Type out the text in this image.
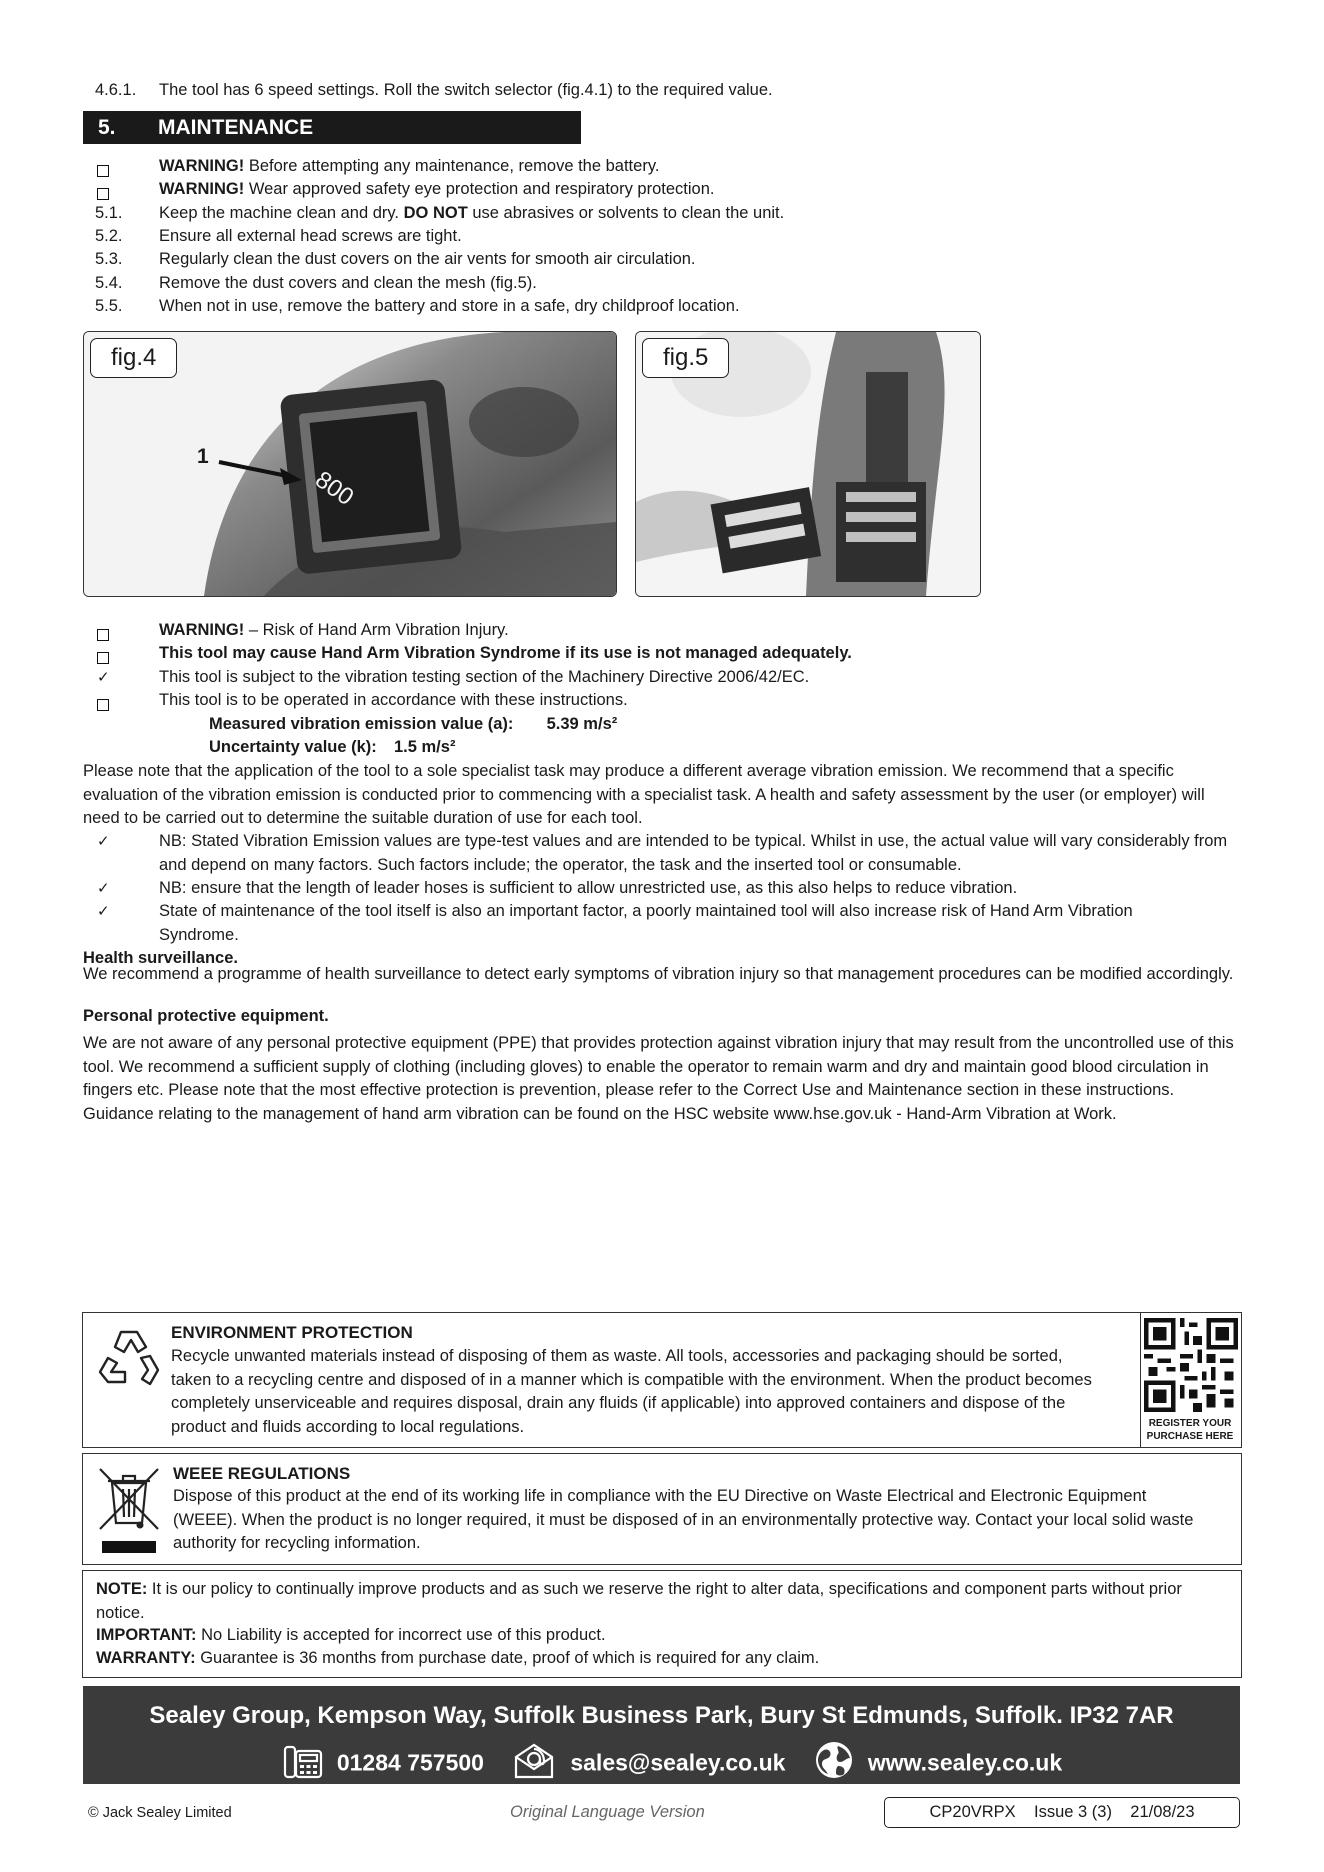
4.6.1. The tool has 6 speed settings. Roll the switch selector (fig.4.1) to the required value.
5. MAINTENANCE
WARNING! Before attempting any maintenance, remove the battery.
WARNING! Wear approved safety eye protection and respiratory protection.
5.1. Keep the machine clean and dry. DO NOT use abrasives or solvents to clean the unit.
5.2. Ensure all external head screws are tight.
5.3. Regularly clean the dust covers on the air vents for smooth air circulation.
5.4. Remove the dust covers and clean the mesh (fig.5).
5.5. When not in use, remove the battery and store in a safe, dry childproof location.
fig.4
1
800
fig.5
WARNING! – Risk of Hand Arm Vibration Injury.
This tool may cause Hand Arm Vibration Syndrome if its use is not managed adequately.
✓	This tool is subject to the vibration testing section of the Machinery Directive 2006/42/EC.
This tool is to be operated in accordance with these instructions.
Measured vibration emission value (a): 5.39 m/s²
Uncertainty value (k): 1.5 m/s²
Please note that the application of the tool to a sole specialist task may produce a different average vibration emission. We recommend that a specific evaluation of the vibration emission is conducted prior to commencing with a specialist task. A health and safety assessment by the user (or employer) will need to be carried out to determine the suitable duration of use for each tool.
✓	NB: Stated Vibration Emission values are type-test values and are intended to be typical. Whilst in use, the actual value will vary considerably from and depend on many factors. Such factors include; the operator, the task and the inserted tool or consumable.
✓	NB: ensure that the length of leader hoses is sufficient to allow unrestricted use, as this also helps to reduce vibration.
✓	State of maintenance of the tool itself is also an important factor, a poorly maintained tool will also increase risk of Hand Arm Vibration Syndrome.
Health surveillance.
We recommend a programme of health surveillance to detect early symptoms of vibration injury so that management procedures can be modified accordingly.
Personal protective equipment.
We are not aware of any personal protective equipment (PPE) that provides protection against vibration injury that may result from the uncontrolled use of this tool. We recommend a sufficient supply of clothing (including gloves) to enable the operator to remain warm and dry and maintain good blood circulation in fingers etc. Please note that the most effective protection is prevention, please refer to the Correct Use and Maintenance section in these instructions. Guidance relating to the management of hand arm vibration can be found on the HSC website www.hse.gov.uk - Hand-Arm Vibration at Work.
ENVIRONMENT PROTECTION
Recycle unwanted materials instead of disposing of them as waste. All tools, accessories and packaging should be sorted, taken to a recycling centre and disposed of in a manner which is compatible with the environment. When the product becomes completely unserviceable and requires disposal, drain any fluids (if applicable) into approved containers and dispose of the product and fluids according to local regulations.	REGISTER YOUR
PURCHASE HERE
WEEE REGULATIONS
Dispose of this product at the end of its working life in compliance with the EU Directive on Waste Electrical and Electronic Equipment (WEEE). When the product is no longer required, it must be disposed of in an environmentally protective way. Contact your local solid waste authority for recycling information.
NOTE: It is our policy to continually improve products and as such we reserve the right to alter data, specifications and component parts without prior notice.
IMPORTANT: No Liability is accepted for incorrect use of this product.
WARRANTY: Guarantee is 36 months from purchase date, proof of which is required for any claim.
Sealey Group, Kempson Way, Suffolk Business Park, Bury St Edmunds, Suffolk. IP32 7AR
01284 757500	sales@sealey.co.uk	www.sealey.co.uk
© Jack Sealey Limited	Original Language Version	CP20VRPX    Issue 3 (3)    21/08/23
